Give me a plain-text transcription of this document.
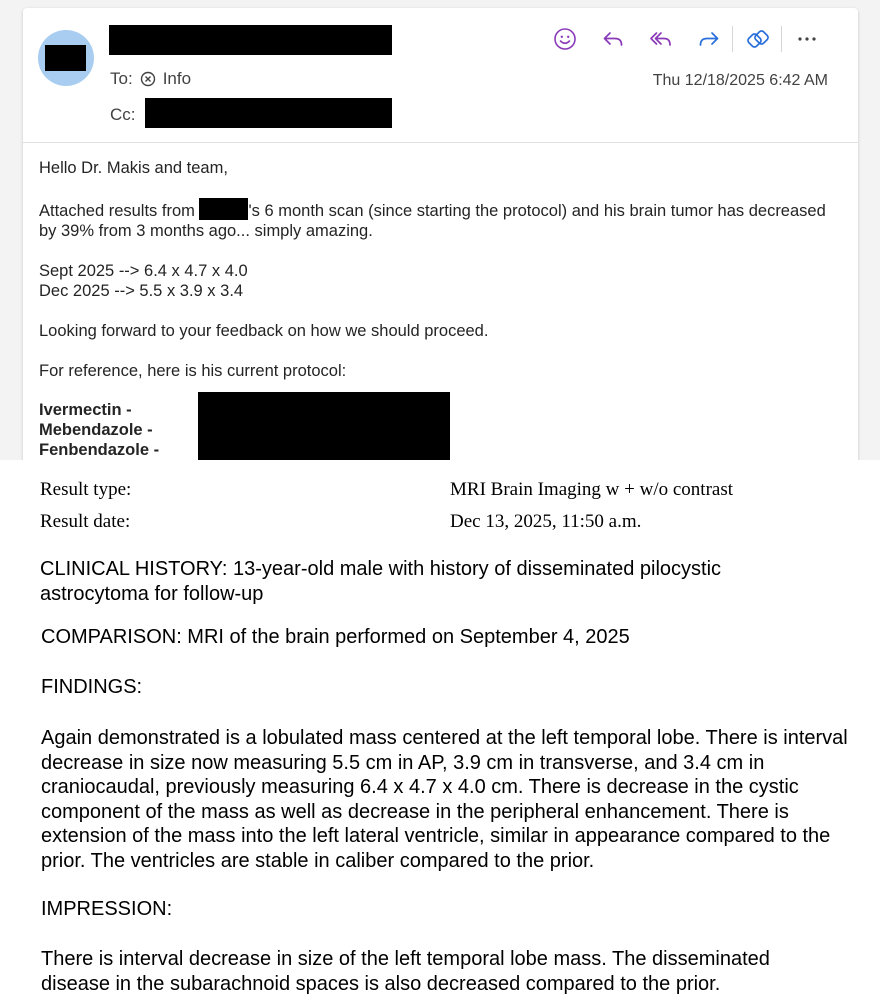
To: Info
Cc:
Thu 12/18/2025 6:42 AM

Hello Dr. Makis and team,

Attached results from	's 6 month scan (since starting the protocol) and his brain tumor has decreased by 39% from 3 months ago... simply amazing.

Sept 2025 --> 6.4 x 4.7 x 4.0
Dec 2025 --> 5.5 x 3.9 x 3.4

Looking forward to your feedback on how we should proceed.

For reference, here is his current protocol:

Ivermectin -
Mebendazole -
Fenbendazole -
Result type:	MRI Brain Imaging w + w/o contrast
Result date:	Dec 13, 2025, 11:50 a.m.
CLINICAL HISTORY: 13-year-old male with history of disseminated pilocystic astrocytoma for follow-up
COMPARISON: MRI of the brain performed on September 4, 2025
FINDINGS:
Again demonstrated is a lobulated mass centered at the left temporal lobe. There is interval decrease in size now measuring 5.5 cm in AP, 3.9 cm in transverse, and 3.4 cm in craniocaudal, previously measuring 6.4 x 4.7 x 4.0 cm. There is decrease in the cystic component of the mass as well as decrease in the peripheral enhancement. There is extension of the mass into the left lateral ventricle, similar in appearance compared to the prior. The ventricles are stable in caliber compared to the prior.
IMPRESSION:
There is interval decrease in size of the left temporal lobe mass. The disseminated disease in the subarachnoid spaces is also decreased compared to the prior.
